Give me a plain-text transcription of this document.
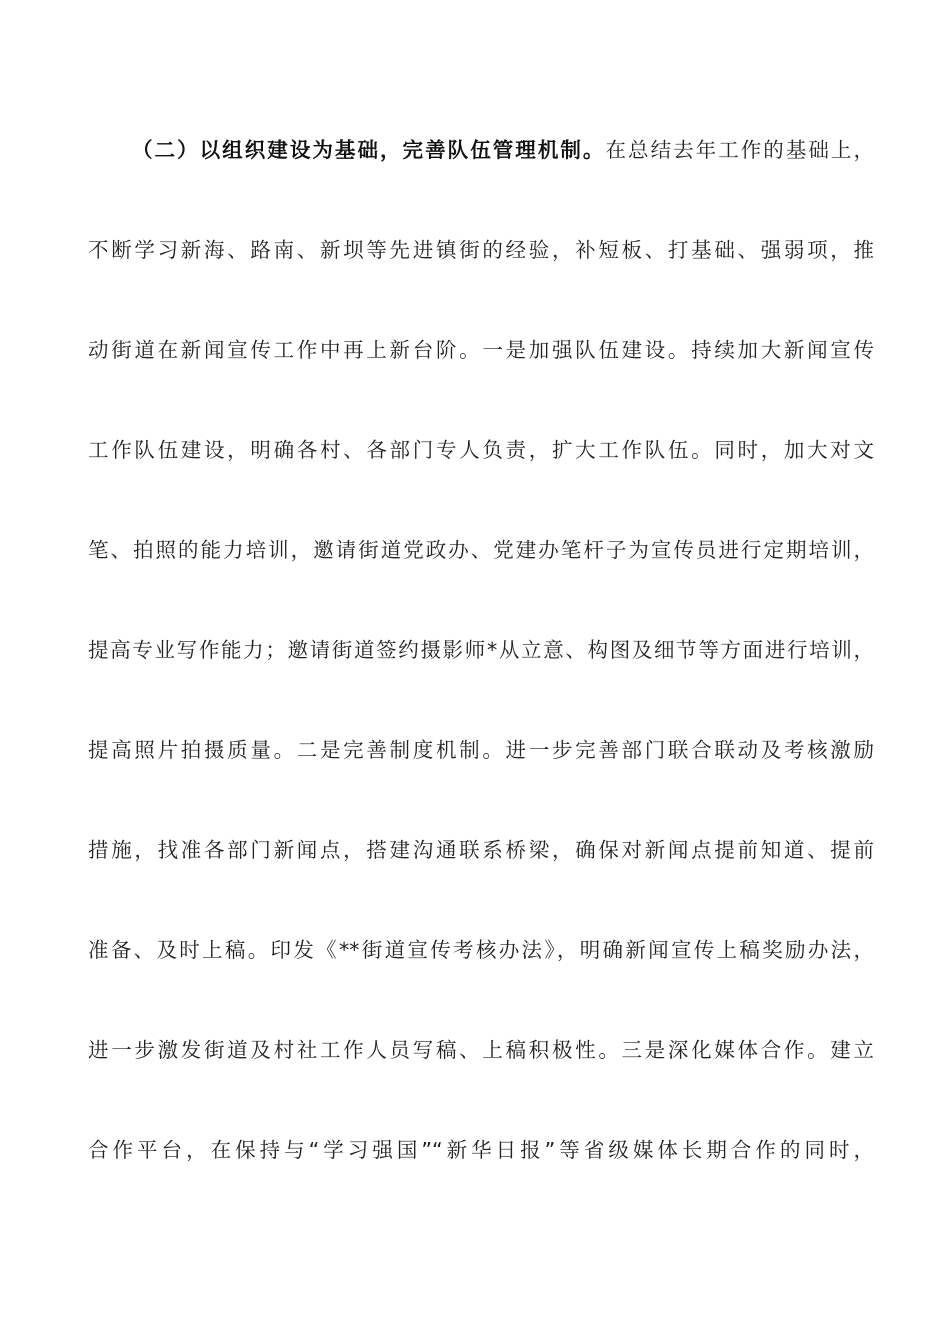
（二）以组织建设为基础，完善队伍管理机制。在总结去年工作的基础上，
不断学习新海、路南、新坝等先进镇街的经验，补短板、打基础、强弱项，推
动街道在新闻宣传工作中再上新台阶。一是加强队伍建设。持续加大新闻宣传
工作队伍建设，明确各村、各部门专人负责，扩大工作队伍。同时，加大对文
笔、拍照的能力培训，邀请街道党政办、党建办笔杆子为宣传员进行定期培训，
提高专业写作能力；邀请街道签约摄影师*从立意、构图及细节等方面进行培训，
提高照片拍摄质量。二是完善制度机制。进一步完善部门联合联动及考核激励
措施，找准各部门新闻点，搭建沟通联系桥梁，确保对新闻点提前知道、提前
准备、及时上稿。印发《**街道宣传考核办法》，明确新闻宣传上稿奖励办法，
进一步激发街道及村社工作人员写稿、上稿积极性。三是深化媒体合作。建立
合作平台，在保持与“学习强国”“新华日报”等省级媒体长期合作的同时，
